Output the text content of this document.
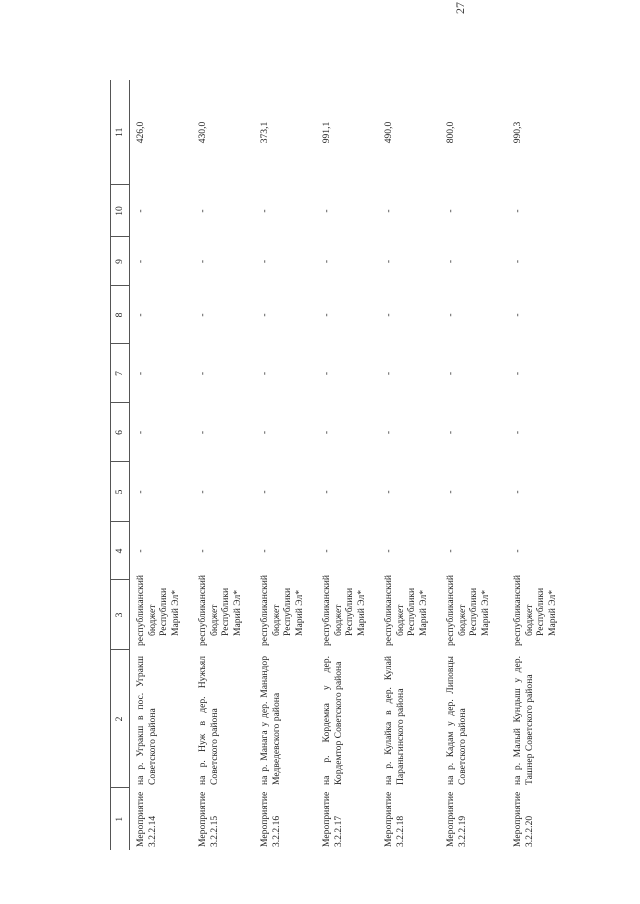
27
1	2	3	4	5	6	7	8	9	10	11
Мероприятие
3.2.2.14	на р. Угракш в пос. Угракш Советского района	республиканский бюджет Республики Марий Эл*	-	-	-	-	-	-	-	426,0
Мероприятие
3.2.2.15	на р. Нуж в дер. Нужъял Советского района	республиканский бюджет Республики Марий Эл*	-	-	-	-	-	-	-	430,0
Мероприятие
3.2.2.16	на р. Манага у дер. Манандор Медведевского района	республиканский бюджет Республики Марий Эл*	-	-	-	-	-	-	-	373,1
Мероприятие
3.2.2.17	на р. Кордемка у дер. Кордемтор Советского района	республиканский бюджет Республики Марий Эл*	-	-	-	-	-	-	-	991,1
Мероприятие
3.2.2.18	на р. Кулайка в дер. Кулай Параньгинского района	республиканский бюджет Республики Марий Эл*	-	-	-	-	-	-	-	490,0
Мероприятие
3.2.2.19	на р. Кадам у дер. Липовцы Советского района	республиканский бюджет Республики Марий Эл*	-	-	-	-	-	-	-	800,0
Мероприятие
3.2.2.20	на р. Малый Кундыш у дер. Ташнер Советского района	республиканский бюджет Республики Марий Эл*	-	-	-	-	-	-	-	990,3
